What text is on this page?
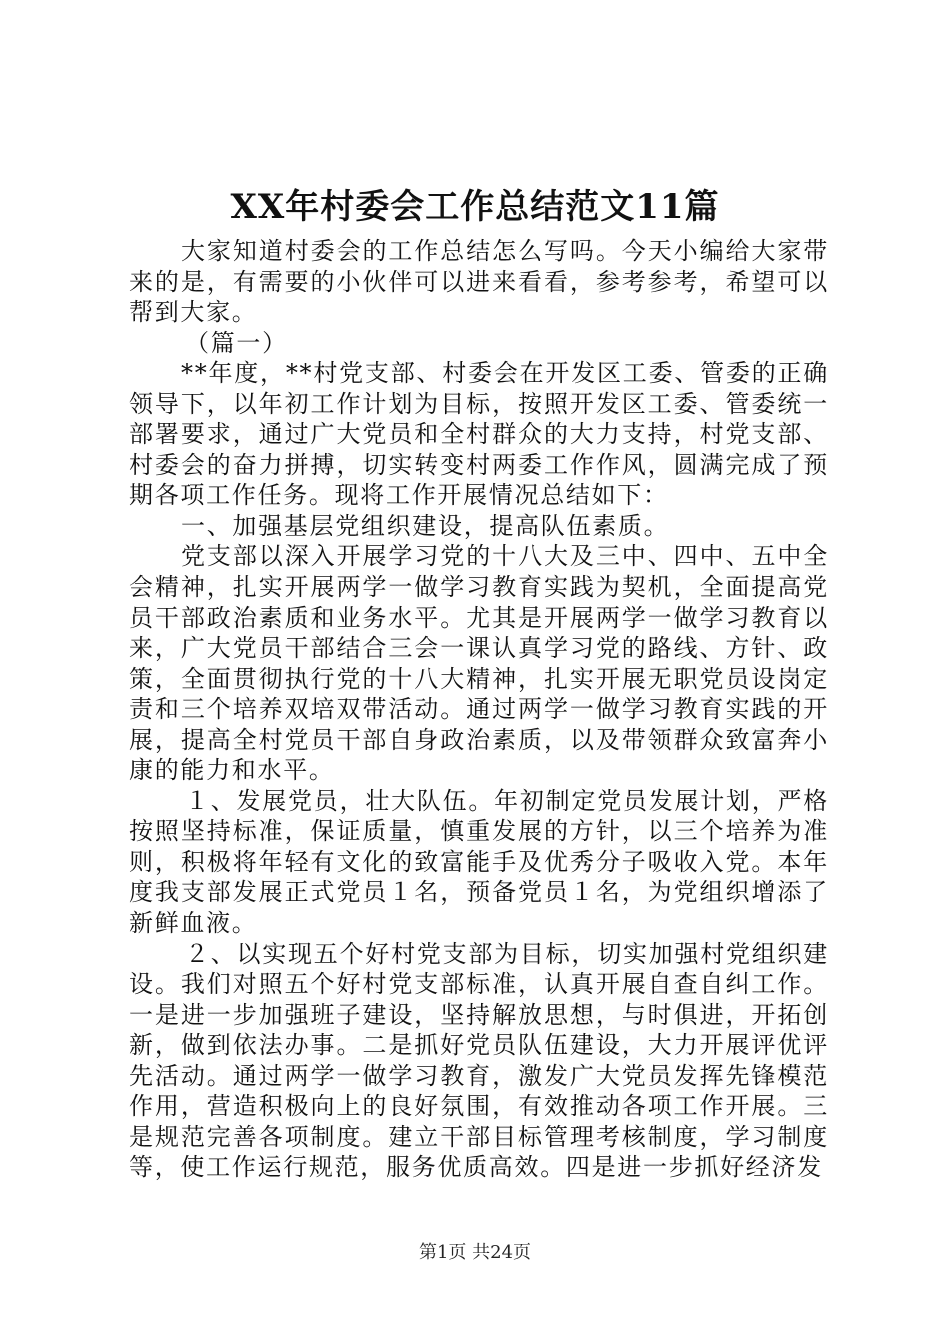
XX年村委会工作总结范文11篇

大家知道村委会的工作总结怎么写吗。今天小编给大家带来的是，有需要的小伙伴可以进来看看，参考参考，希望可以帮到大家。

（篇一）

**年度，**村党支部、村委会在开发区工委、管委的正确领导下，以年初工作计划为目标，按照开发区工委、管委统一部署要求，通过广大党员和全村群众的大力支持，村党支部、村委会的奋力拼搏，切实转变村两委工作作风，圆满完成了预期各项工作任务。现将工作开展情况总结如下：

一、加强基层党组织建设，提高队伍素质。

党支部以深入开展学习党的十八大及三中、四中、五中全会精神，扎实开展两学一做学习教育实践为契机，全面提高党员干部政治素质和业务水平。尤其是开展两学一做学习教育以来，广大党员干部结合三会一课认真学习党的路线、方针、政策，全面贯彻执行党的十八大精神，扎实开展无职党员设岗定责和三个培养双培双带活动。通过两学一做学习教育实践的开展，提高全村党员干部自身政治素质，以及带领群众致富奔小康的能力和水平。

１、发展党员，壮大队伍。年初制定党员发展计划，严格按照坚持标准，保证质量，慎重发展的方针，以三个培养为准则，积极将年轻有文化的致富能手及优秀分子吸收入党。本年度我支部发展正式党员１名，预备党员１名，为党组织增添了新鲜血液。

２、以实现五个好村党支部为目标，切实加强村党组织建设。我们对照五个好村党支部标准，认真开展自查自纠工作。一是进一步加强班子建设，坚持解放思想，与时俱进，开拓创新，做到依法办事。二是抓好党员队伍建设，大力开展评优评先活动。通过两学一做学习教育，激发广大党员发挥先锋模范作用，营造积极向上的良好氛围，有效推动各项工作开展。三是规范完善各项制度。建立干部目标管理考核制度，学习制度等，使工作运行规范，服务优质高效。四是进一步抓好经济发

第1页 共24页
